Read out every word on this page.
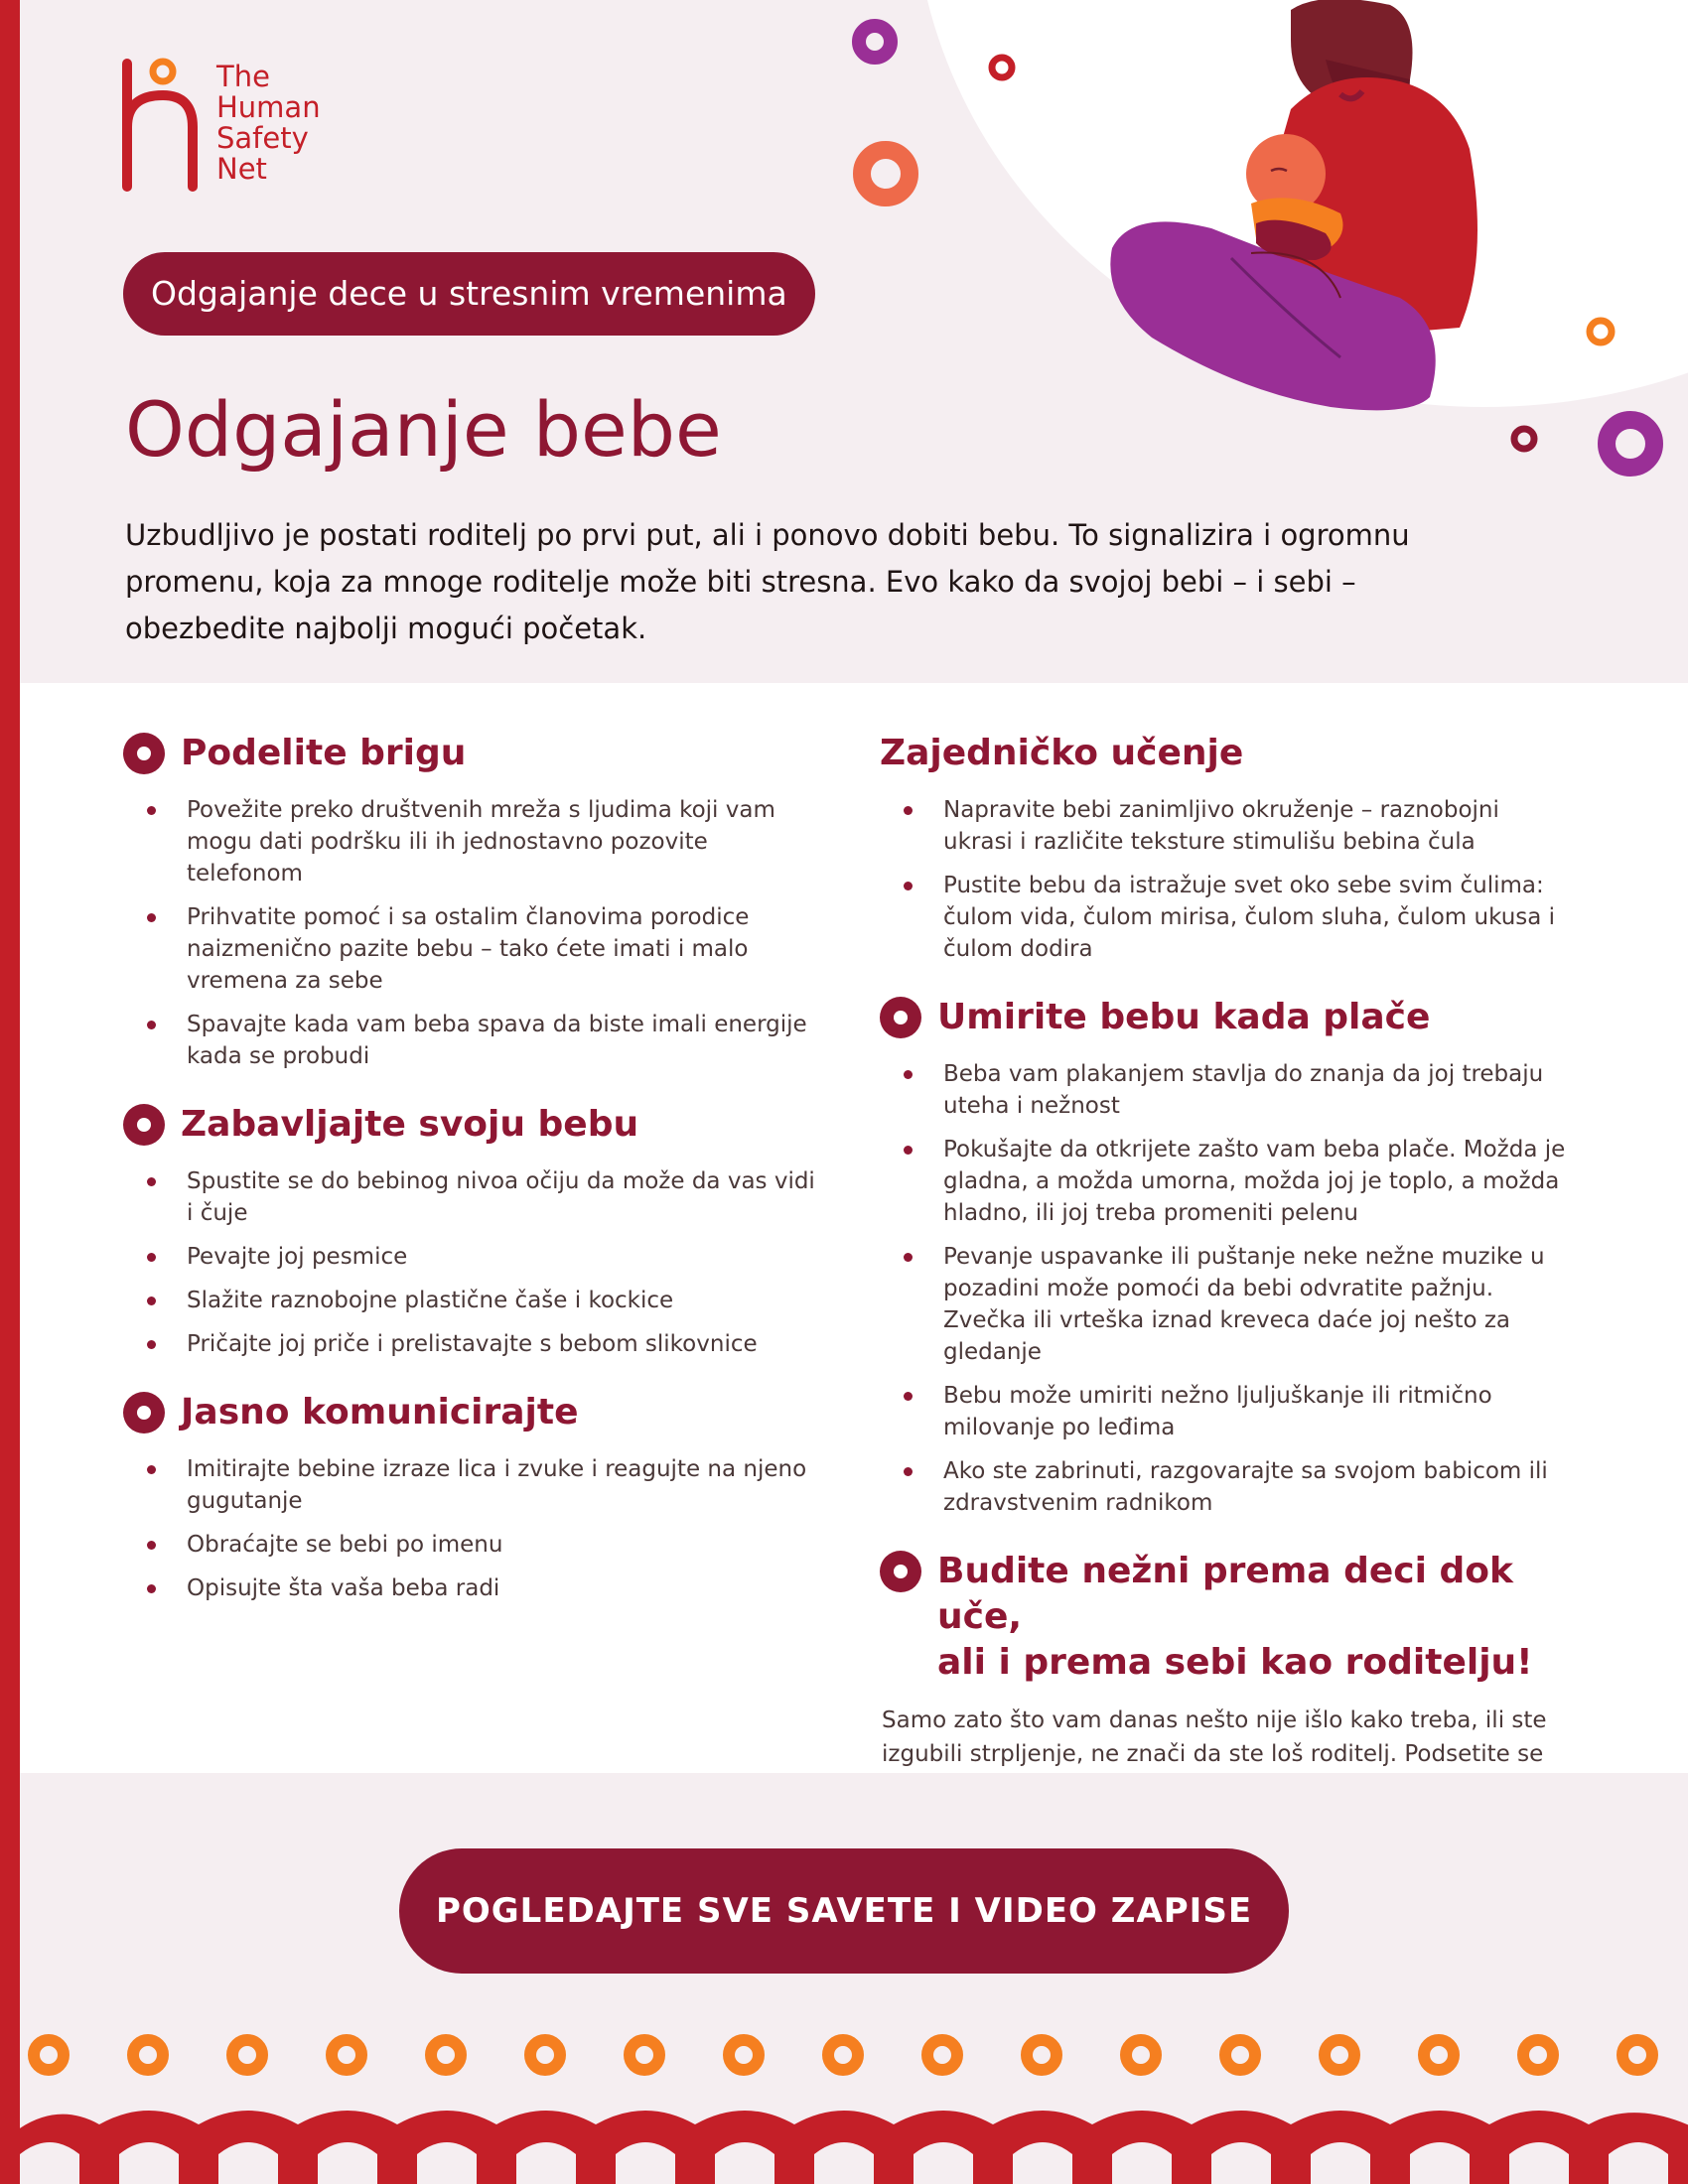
The
Human
Safety
Net
Odgajanje dece u stresnim vremenima
Odgajanje bebe

Uzbudljivo je postati roditelj po prvi put, ali i ponovo dobiti bebu. To signalizira i ogromnu promenu, koja za mnoge roditelje može biti stresna. Evo kako da svojoj bebi – i sebi – obezbedite najbolji mogući početak.

Podelite brigu
Povežite preko društvenih mreža s ljudima koji vam mogu dati podršku ili ih jednostavno pozovite telefonom
Prihvatite pomoć i sa ostalim članovima porodice naizmenično pazite bebu – tako ćete imati i malo vremena za sebe
Spavajte kada vam beba spava da biste imali energije kada se probudi
Zabavljajte svoju bebu
Spustite se do bebinog nivoa očiju da može da vas vidi i čuje
Pevajte joj pesmice
Slažite raznobojne plastične čaše i kockice
Pričajte joj priče i prelistavajte s bebom slikovnice
Jasno komunicirajte
Imitirajte bebine izraze lica i zvuke i reagujte na njeno gugutanje
Obraćajte se bebi po imenu
Opisujte šta vaša beba radi
Zajedničko učenje
Napravite bebi zanimljivo okruženje – raznobojni ukrasi i različite teksture stimulišu bebina čula
Pustite bebu da istražuje svet oko sebe svim čulima: čulom vida, čulom mirisa, čulom sluha, čulom ukusa i čulom dodira
Umirite bebu kada plače
Beba vam plakanjem stavlja do znanja da joj trebaju uteha i nežnost
Pokušajte da otkrijete zašto vam beba plače. Možda je gladna, a možda umorna, možda joj je toplo, a možda hladno, ili joj treba promeniti pelenu
Pevanje uspavanke ili puštanje neke nežne muzike u pozadini može pomoći da bebi odvratite pažnju. Zvečka ili vrteška iznad kreveca daće joj nešto za gledanje
Bebu može umiriti nežno ljuljuškanje ili ritmično milovanje po leđima
Ako ste zabrinuti, razgovarajte sa svojom babicom ili zdravstvenim radnikom
Budite nežni prema deci dok uče,
ali i prema sebi kao roditelju!

Samo zato što vam danas nešto nije išlo kako treba, ili ste izgubili strpljenje, ne znači da ste loš roditelj. Podsetite se

POGLEDAJTE SVE SAVETE I VIDEO ZAPISE
